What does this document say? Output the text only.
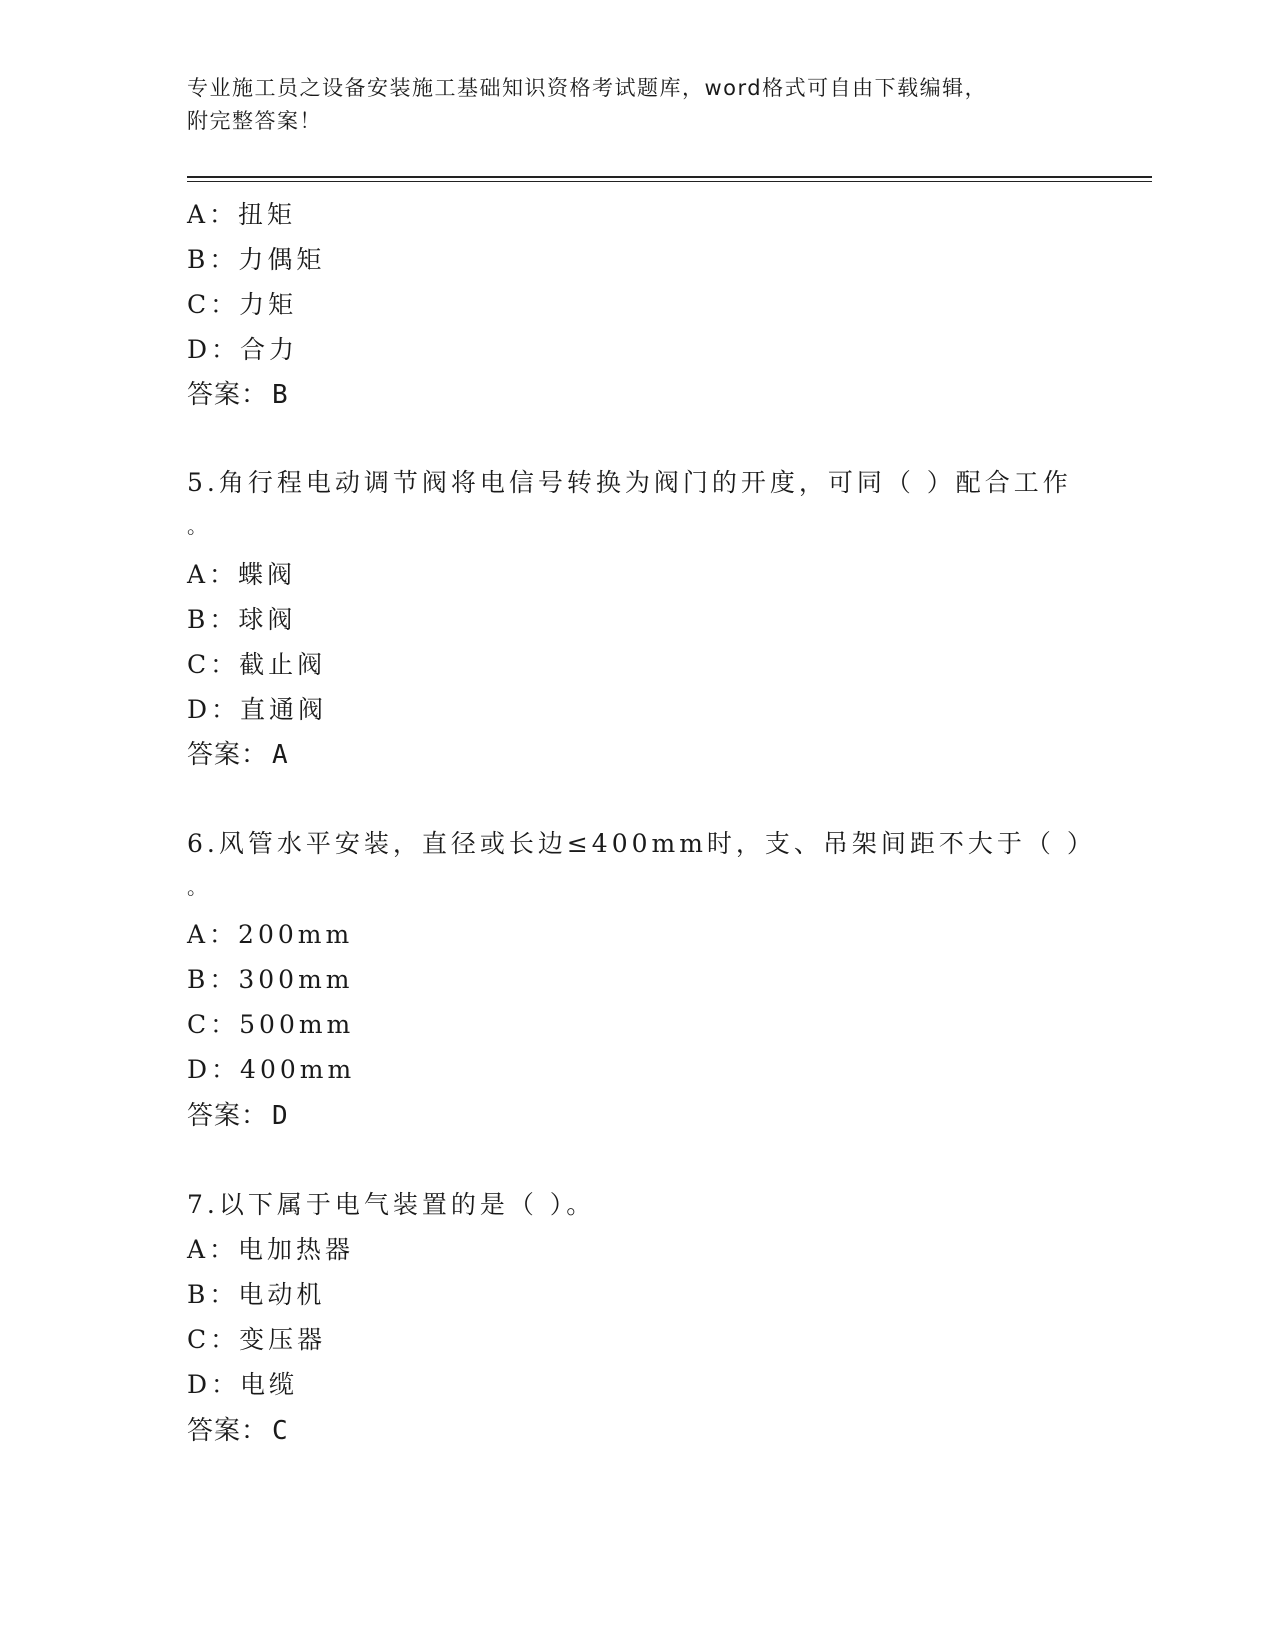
专业施工员之设备安装施工基础知识资格考试题库，word格式可自由下载编辑，
附完整答案！
A：扭矩
B：力偶矩
C：力矩
D：合力
答案： B
5.角行程电动调节阀将电信号转换为阀门的开度，可同（ ）配合工作
。
A：蝶阀
B：球阀
C：截止阀
D：直通阀
答案： A
6.风管水平安装，直径或长边≤400mm时，支、吊架间距不大于（ ）
。
A：200mm
B：300mm
C：500mm
D：400mm
答案： D
7.以下属于电气装置的是（ ）。
A：电加热器
B：电动机
C：变压器
D：电缆
答案： C
